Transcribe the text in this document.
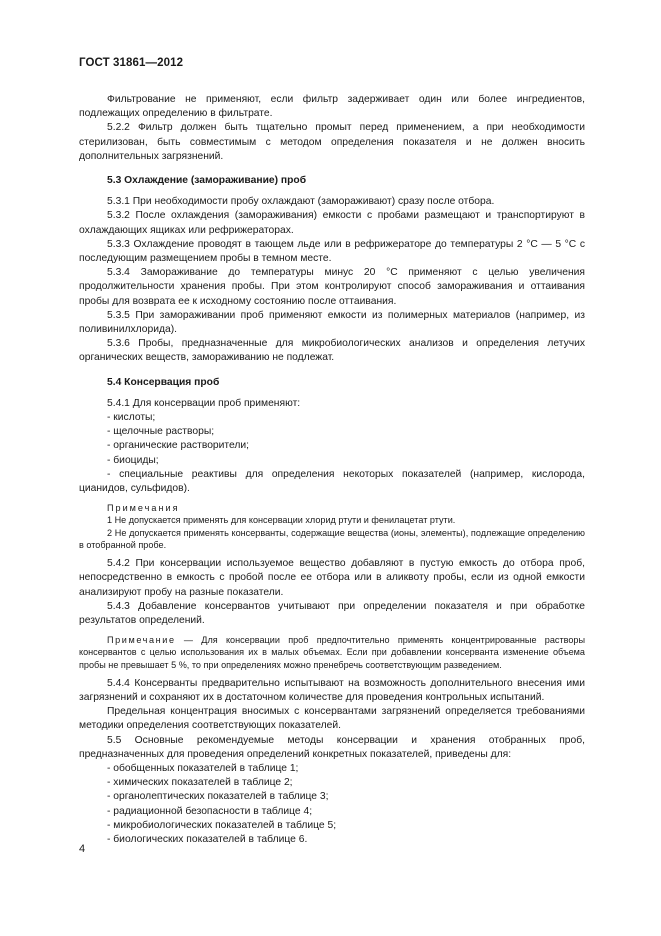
ГОСТ 31861—2012

Фильтрование не применяют, если фильтр задерживает один или более ингредиентов, подлежащих определению в фильтрате.

5.2.2 Фильтр должен быть тщательно промыт перед применением, а при необходимости стерилизован, быть совместимым с методом определения показателя и не должен вносить дополнительных загрязнений.

5.3 Охлаждение (замораживание) проб

5.3.1 При необходимости пробу охлаждают (замораживают) сразу после отбора.

5.3.2 После охлаждения (замораживания) емкости с пробами размещают и транспортируют в охлаждающих ящиках или рефрижераторах.

5.3.3 Охлаждение проводят в тающем льде или в рефрижераторе до температуры 2 °С — 5 °С с последующим размещением пробы в темном месте.

5.3.4 Замораживание до температуры минус 20 °С применяют с целью увеличения продолжительности хранения пробы. При этом контролируют способ замораживания и оттаивания пробы для возврата ее к исходному состоянию после оттаивания.

5.3.5 При замораживании проб применяют емкости из полимерных материалов (например, из поливинилхлорида).

5.3.6 Пробы, предназначенные для микробиологических анализов и определения летучих органических веществ, замораживанию не подлежат.

5.4 Консервация проб

5.4.1 Для консервации проб применяют:

- кислоты;

- щелочные растворы;

- органические растворители;

- биоциды;

- специальные реактивы для определения некоторых показателей (например, кислорода, цианидов, сульфидов).

Примечания

1 Не допускается применять для консервации хлорид ртути и фенилацетат ртути.

2 Не допускается применять консерванты, содержащие вещества (ионы, элементы), подлежащие определению в отобранной пробе.

5.4.2 При консервации используемое вещество добавляют в пустую емкость до отбора проб, непосредственно в емкость с пробой после ее отбора или в аликвоту пробы, если из одной емкости анализируют пробу на разные показатели.

5.4.3 Добавление консервантов учитывают при определении показателя и при обработке результатов определений.

Примечание — Для консервации проб предпочтительно применять концентрированные растворы консервантов с целью использования их в малых объемах. Если при добавлении консерванта изменение объема пробы не превышает 5 %, то при определениях можно пренебречь соответствующим разведением.

5.4.4 Консерванты предварительно испытывают на возможность дополнительного внесения ими загрязнений и сохраняют их в достаточном количестве для проведения контрольных испытаний.

Предельная концентрация вносимых с консервантами загрязнений определяется требованиями методики определения соответствующих показателей.

5.5 Основные рекомендуемые методы консервации и хранения отобранных проб, предназначенных для проведения определений конкретных показателей, приведены для:

- обобщенных показателей в таблице 1;

- химических показателей в таблице 2;

- органолептических показателей в таблице 3;

- радиационной безопасности в таблице 4;

- микробиологических показателей в таблице 5;

- биологических показателей в таблице 6.

4
